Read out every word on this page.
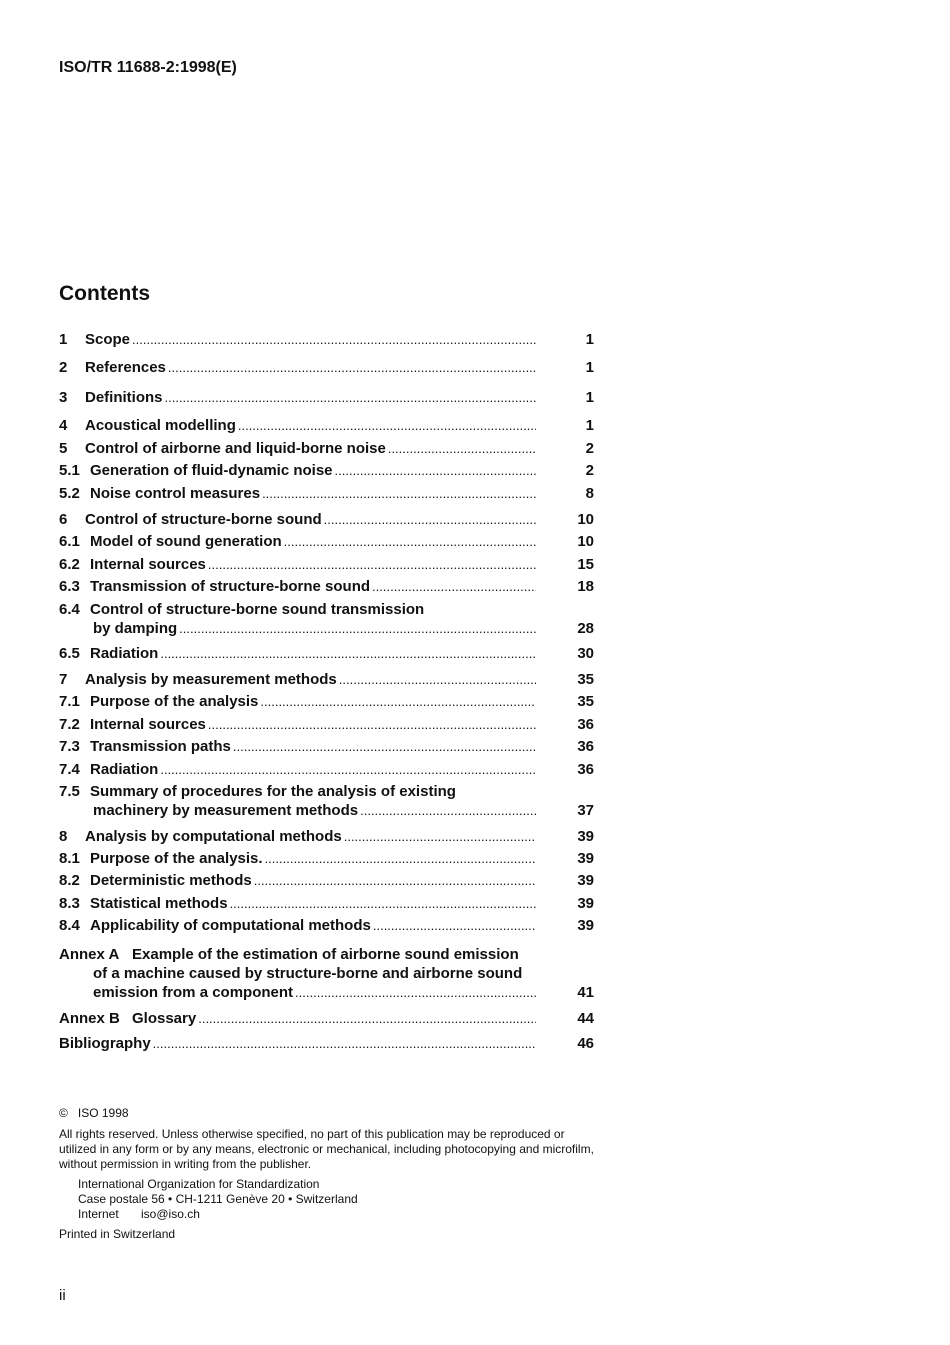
ISO/TR 11688-2:1998(E)
Contents
1	Scope .....	1
2	References .....	1
3	Definitions .....	1
4	Acoustical modelling .....	1
5	Control of airborne and liquid-borne noise .....	2
5.1 Generation of fluid-dynamic noise .....	2
5.2 Noise control measures .....	8
6	Control of structure-borne sound .....	10
6.1 Model of sound generation .....	10
6.2 Internal sources .....	15
6.3 Transmission of structure-borne sound .....	18
6.4 Control of structure-borne sound transmission
by damping .....	28
6.5 Radiation .....	30
7	Analysis by measurement methods .....	35
7.1 Purpose of the analysis .....	35
7.2 Internal sources .....	36
7.3 Transmission paths .....	36
7.4 Radiation .....	36
7.5 Summary of procedures for the analysis of existing
machinery by measurement methods .....	37
8	Analysis by computational methods .....	39
8.1 Purpose of the analysis. .....	39
8.2 Deterministic methods .....	39
8.3 Statistical methods .....	39
8.4 Applicability of computational methods .....	39
Annex A Example of the estimation of airborne sound emission
of a machine caused by structure-borne and airborne sound
emission from a component .....	41
Annex B Glossary .....	44
Bibliography .....	46

© ISO 1998

All rights reserved. Unless otherwise specified, no part of this publication may be reproduced or utilized in any form or by any means, electronic or mechanical, including photocopying and microfilm, without permission in writing from the publisher.

International Organization for Standardization
Case postale 56 • CH-1211 Genève 20 • Switzerland
Internet iso@iso.ch

Printed in Switzerland

ii
